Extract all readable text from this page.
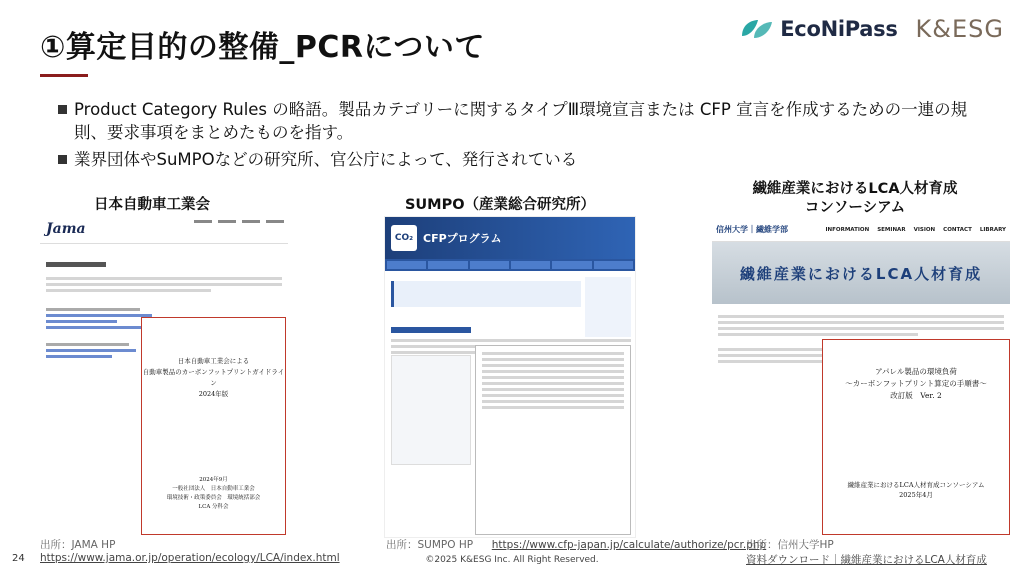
①算定目的の整備_PCRについて
EcoNiPass K&ESG
Product Category Rules の略語。製品カテゴリーに関するタイプⅢ環境宣言または CFP 宣言を作成するための一連の規則、要求事項をまとめたものを指す。
業界団体やSuMPOなどの研究所、官公庁によって、発行されている
日本自動車工業会	SUMPO（産業総合研究所）
繊維産業におけるLCA人材育成
コンソーシアム
Jama
日本自動車工業会による
自動車製品のカーボンフットプリントガイドライン
2024年版
2024年9月
一般社団法人　日本自動車工業会
環境技術・政策委員会　環境統括部会
LCA 分科会
CO₂ CFPプログラム
信州大学｜繊維学部	INFORMATION SEMINAR VISION CONTACT LIBRARY
繊維産業におけるLCA人材育成
アパレル製品の環境負荷
～カーボンフットプリント算定の手順書～
改訂版　Ver. 2
繊維産業におけるLCA人材育成コンソーシアム
2025年4月
出所：JAMA HP
https://www.jama.or.jp/operation/ecology/LCA/index.html
出所：SUMPO HP https://www.cfp-japan.jp/calculate/authorize/pcr.php
出所：信州大学HP
資料ダウンロード｜繊維産業におけるLCA人材育成
24	©2025 K&ESG Inc. All Right Reserved.
